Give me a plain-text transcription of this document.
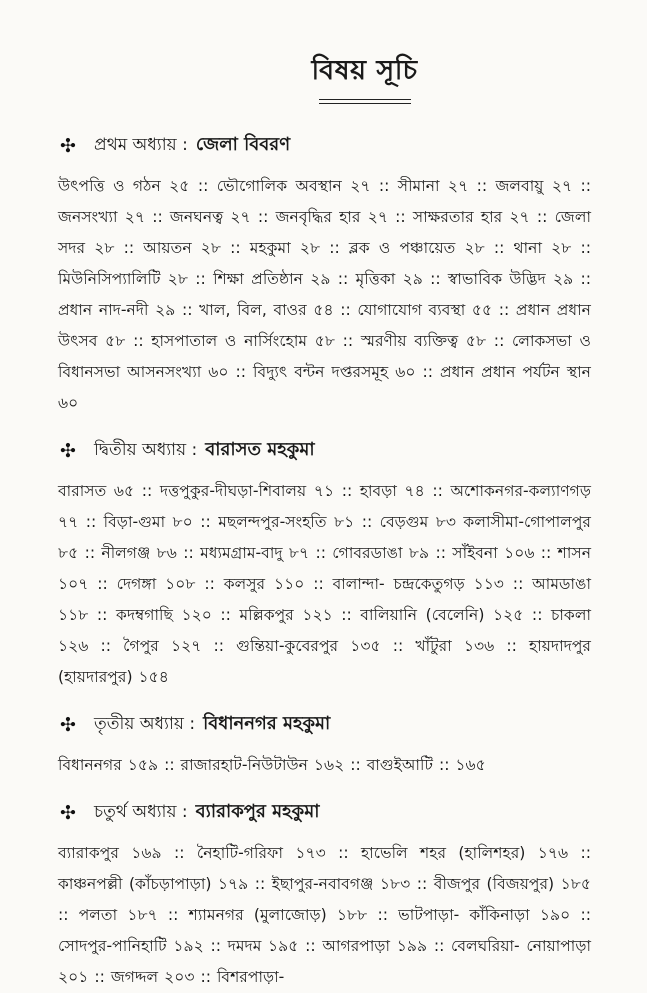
বিষয় সূচি
✣	প্রথম অধ্যায় : জেলা বিবরণ
উৎপত্তি ও গঠন ২৫ :: ভৌগোলিক অবস্থান ২৭ :: সীমানা ২৭ :: জলবায়ু ২৭ :: জনসংখ্যা ২৭ :: জনঘনত্ব ২৭ :: জনবৃদ্ধির হার ২৭ :: সাক্ষরতার হার ২৭ :: জেলা সদর ২৮ :: আয়তন ২৮ :: মহকুমা ২৮ :: ব্লক ও পঞ্চায়েত ২৮ :: থানা ২৮ :: মিউনিসিপ্যালিটি ২৮ :: শিক্ষা প্রতিষ্ঠান ২৯ :: মৃত্তিকা ২৯ :: স্বাভাবিক উদ্ভিদ ২৯ :: প্রধান নাদ-নদী ২৯ :: খাল, বিল, বাওর ৫৪ :: যোগাযোগ ব্যবস্থা ৫৫ :: প্রধান প্রধান উৎসব ৫৮ :: হাসপাতাল ও নার্সিংহোম ৫৮ :: স্মরণীয় ব্যক্তিত্ব ৫৮ :: লোকসভা ও বিধানসভা আসনসংখ্যা ৬০ :: বিদ্যুৎ বন্টন দপ্তরসমূহ ৬০ :: প্রধান প্রধান পর্যটন স্থান ৬০
✣	দ্বিতীয় অধ্যায় : বারাসত মহকুমা
বারাসত ৬৫ :: দত্তপুকুর-দীঘড়া-শিবালয় ৭১ :: হাবড়া ৭৪ :: অশোকনগর-কল্যাণগড় ৭৭ :: বিড়া-গুমা ৮০ :: মছলন্দপুর-সংহতি ৮১ :: বেড়গুম ৮৩ কলাসীমা-গোপালপুর ৮৫ :: নীলগঞ্জ ৮৬ :: মধ্যমগ্রাম-বাদু ৮৭ :: গোবরডাঙা ৮৯ :: সাঁইবনা ১০৬ :: শাসন ১০৭ :: দেগঙ্গা ১০৮ :: কলসুর ১১০ :: বালান্দা- চন্দ্রকেতুগড় ১১৩ :: আমডাঙা ১১৮ :: কদম্বগাছি ১২০ :: মল্লিকপুর ১২১ :: বালিয়ানি (বেলেনি) ১২৫ :: চাকলা ১২৬ :: গৈপুর ১২৭ :: গুন্তিয়া-কুবেরপুর ১৩৫ :: খাঁটুরা ১৩৬ :: হায়দাদপুর (হায়দারপুর) ১৫৪
✣	তৃতীয় অধ্যায় : বিধাননগর মহকুমা
বিধাননগর ১৫৯ :: রাজারহাট-নিউটাউন ১৬২ :: বাগুইআটি :: ১৬৫
✣	চতুর্থ অধ্যায় : ব্যারাকপুর মহকুমা
ব্যারাকপুর ১৬৯ :: নৈহাটি-গরিফা ১৭৩ :: হাভেলি শহর (হালিশহর) ১৭৬ :: কাঞ্চনপল্লী (কাঁচড়াপাড়া) ১৭৯ :: ইছাপুর-নবাবগঞ্জ ১৮৩ :: বীজপুর (বিজয়পুর) ১৮৫ :: পলতা ১৮৭ :: শ্যামনগর (মুলাজোড়) ১৮৮ :: ভাটপাড়া- কাঁকিনাড়া ১৯০ :: সোদপুর-পানিহাটি ১৯২ :: দমদম ১৯৫ :: আগরপাড়া ১৯৯ :: বেলঘরিয়া- নোয়াপাড়া ২০১ :: জগদ্দল ২০৩ :: বিশরপাড়া-
